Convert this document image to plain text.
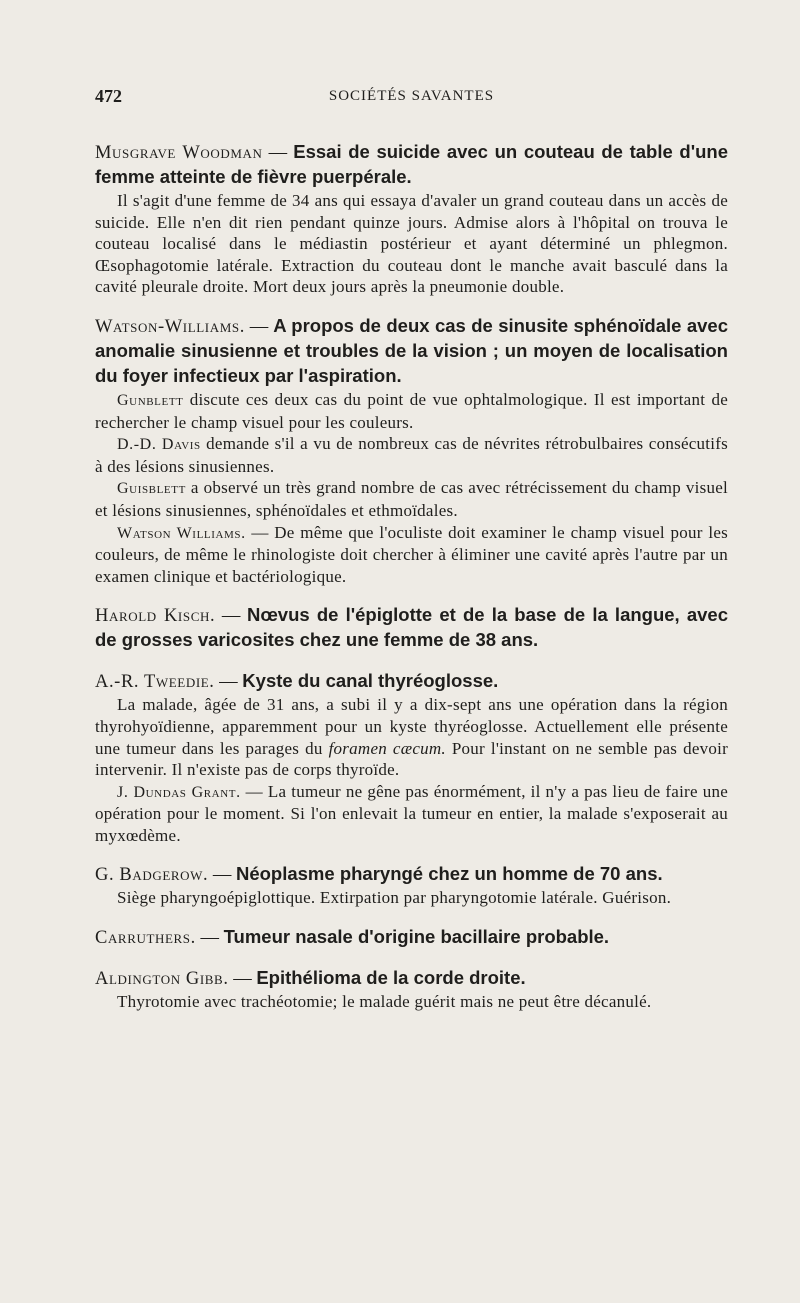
472	SOCIÉTÉS SAVANTES

Musgrave Woodman — Essai de suicide avec un couteau de table d'une femme atteinte de fièvre puerpérale.

Il s'agit d'une femme de 34 ans qui essaya d'avaler un grand couteau dans un accès de suicide. Elle n'en dit rien pendant quinze jours. Admise alors à l'hôpital on trouva le couteau localisé dans le médiastin postérieur et ayant déterminé un phlegmon. Œsophagotomie latérale. Extraction du couteau dont le manche avait basculé dans la cavité pleurale droite. Mort deux jours après la pneumonie double.

Watson-Williams. — A propos de deux cas de sinusite sphénoïdale avec anomalie sinusienne et troubles de la vision ; un moyen de localisation du foyer infectieux par l'aspiration.

Gunblett discute ces deux cas du point de vue ophtalmologique. Il est important de rechercher le champ visuel pour les couleurs.

D.-D. Davis demande s'il a vu de nombreux cas de névrites rétrobulbaires consécutifs à des lésions sinusiennes.

Guisblett a observé un très grand nombre de cas avec rétrécissement du champ visuel et lésions sinusiennes, sphénoïdales et ethmoïdales.

Watson Williams. — De même que l'oculiste doit examiner le champ visuel pour les couleurs, de même le rhinologiste doit chercher à éliminer une cavité après l'autre par un examen clinique et bactériologique.

Harold Kisch. — Nœvus de l'épiglotte et de la base de la langue, avec de grosses varicosites chez une femme de 38 ans.

A.-R. Tweedie. — Kyste du canal thyréoglosse.

La malade, âgée de 31 ans, a subi il y a dix-sept ans une opération dans la région thyrohyoïdienne, apparemment pour un kyste thyréoglosse. Actuellement elle présente une tumeur dans les parages du foramen cæcum. Pour l'instant on ne semble pas devoir intervenir. Il n'existe pas de corps thyroïde.

J. Dundas Grant. — La tumeur ne gêne pas énormément, il n'y a pas lieu de faire une opération pour le moment. Si l'on enlevait la tumeur en entier, la malade s'exposerait au myxœdème.

G. Badgerow. — Néoplasme pharyngé chez un homme de 70 ans.

Siège pharyngoépiglottique. Extirpation par pharyngotomie latérale. Guérison.

Carruthers. — Tumeur nasale d'origine bacillaire probable.

Aldington Gibb. — Epithélioma de la corde droite.

Thyrotomie avec trachéotomie; le malade guérit mais ne peut être décanulé.
